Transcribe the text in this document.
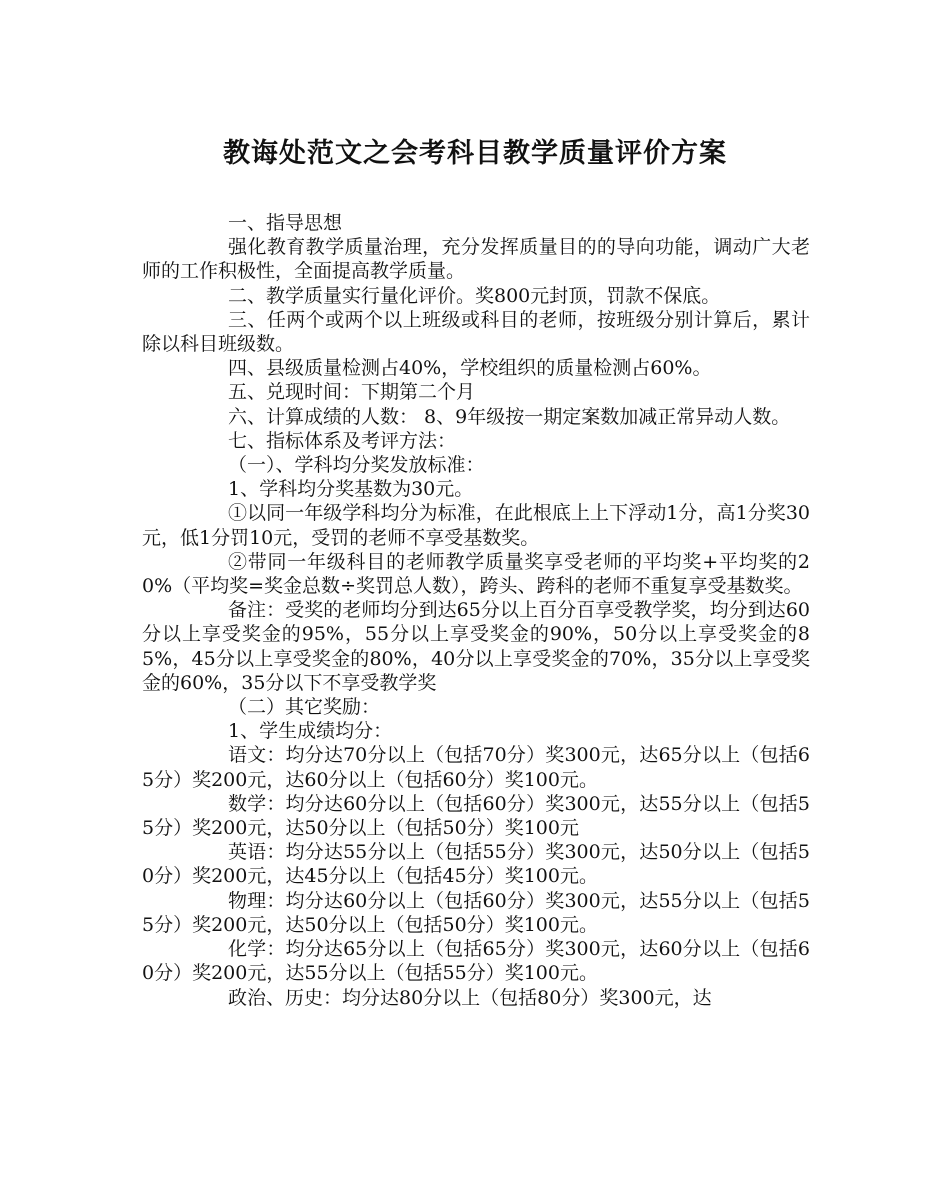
教诲处范文之会考科目教学质量评价方案

一、指导思想

强化教育教学质量治理，充分发挥质量目的的导向功能，调动广大老师的工作积极性，全面提高教学质量。

二、教学质量实行量化评价。奖800元封顶，罚款不保底。

三、任两个或两个以上班级或科目的老师，按班级分别计算后，累计除以科目班级数。

四、县级质量检测占40%，学校组织的质量检测占60%。

五、兑现时间：下期第二个月

六、计算成绩的人数： 8、9年级按一期定案数加减正常异动人数。

七、指标体系及考评方法：

（一）、学科均分奖发放标准：

1、学科均分奖基数为30元。

①以同一年级学科均分为标准，在此根底上上下浮动1分，高1分奖30元，低1分罚10元，受罚的老师不享受基数奖。

②带同一年级科目的老师教学质量奖享受老师的平均奖+平均奖的20%（平均奖=奖金总数÷奖罚总人数），跨头、跨科的老师不重复享受基数奖。

备注：受奖的老师均分到达65分以上百分百享受教学奖，均分到达60分以上享受奖金的95%，55分以上享受奖金的90%，50分以上享受奖金的85%，45分以上享受奖金的80%，40分以上享受奖金的70%，35分以上享受奖金的60%，35分以下不享受教学奖

（二）其它奖励：

1、学生成绩均分：

语文：均分达70分以上（包括70分）奖300元，达65分以上（包括65分）奖200元，达60分以上（包括60分）奖100元。

数学：均分达60分以上（包括60分）奖300元，达55分以上（包括55分）奖200元，达50分以上（包括50分）奖100元

英语：均分达55分以上（包括55分）奖300元，达50分以上（包括50分）奖200元，达45分以上（包括45分）奖100元。

物理：均分达60分以上（包括60分）奖300元，达55分以上（包括55分）奖200元，达50分以上（包括50分）奖100元。

化学：均分达65分以上（包括65分）奖300元，达60分以上（包括60分）奖200元，达55分以上（包括55分）奖100元。

政治、历史：均分达80分以上（包括80分）奖300元，达
